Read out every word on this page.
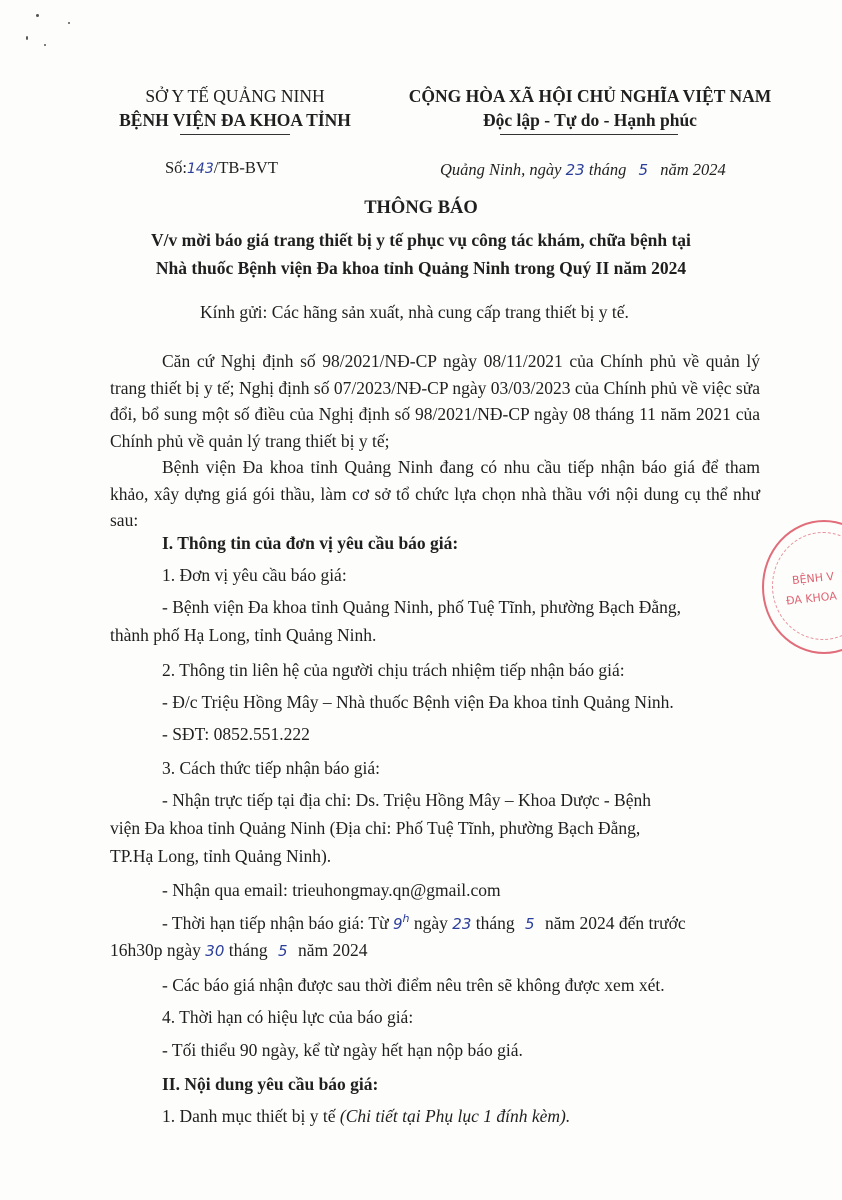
SỞ Y TẾ QUẢNG NINH
BỆNH VIỆN ĐA KHOA TỈNH
CỘNG HÒA XÃ HỘI CHỦ NGHĨA VIỆT NAM
Độc lập - Tự do - Hạnh phúc
Số:143/TB-BVT	Quảng Ninh, ngày 23 tháng 5 năm 2024
THÔNG BÁO
V/v mời báo giá trang thiết bị y tế phục vụ công tác khám, chữa bệnh tại
Nhà thuốc Bệnh viện Đa khoa tỉnh Quảng Ninh trong Quý II năm 2024
Kính gửi: Các hãng sản xuất, nhà cung cấp trang thiết bị y tế.
Căn cứ Nghị định số 98/2021/NĐ-CP ngày 08/11/2021 của Chính phủ về quản lý trang thiết bị y tế; Nghị định số 07/2023/NĐ-CP ngày 03/03/2023 của Chính phủ về việc sửa đổi, bổ sung một số điều của Nghị định số 98/2021/NĐ-CP ngày 08 tháng 11 năm 2021 của Chính phủ về quản lý trang thiết bị y tế;
Bệnh viện Đa khoa tỉnh Quảng Ninh đang có nhu cầu tiếp nhận báo giá để tham khảo, xây dựng giá gói thầu, làm cơ sở tổ chức lựa chọn nhà thầu với nội dung cụ thể như sau:
I. Thông tin của đơn vị yêu cầu báo giá:
1. Đơn vị yêu cầu báo giá:
- Bệnh viện Đa khoa tỉnh Quảng Ninh, phố Tuệ Tĩnh, phường Bạch Đằng,
thành phố Hạ Long, tỉnh Quảng Ninh.
2. Thông tin liên hệ của người chịu trách nhiệm tiếp nhận báo giá:
- Đ/c Triệu Hồng Mây – Nhà thuốc Bệnh viện Đa khoa tỉnh Quảng Ninh.
- SĐT: 0852.551.222
3. Cách thức tiếp nhận báo giá:
- Nhận trực tiếp tại địa chỉ: Ds. Triệu Hồng Mây – Khoa Dược - Bệnh
viện Đa khoa tỉnh Quảng Ninh (Địa chỉ: Phố Tuệ Tĩnh, phường Bạch Đằng,
TP.Hạ Long, tỉnh Quảng Ninh).
- Nhận qua email: trieuhongmay.qn@gmail.com
- Thời hạn tiếp nhận báo giá: Từ 9$^h$ ngày 23 tháng 5 năm 2024 đến trước
16h30p ngày 30 tháng 5 năm 2024
- Các báo giá nhận được sau thời điểm nêu trên sẽ không được xem xét.
4. Thời hạn có hiệu lực của báo giá:
- Tối thiểu 90 ngày, kể từ ngày hết hạn nộp báo giá.
II. Nội dung yêu cầu báo giá:
1. Danh mục thiết bị y tế (Chi tiết tại Phụ lục 1 đính kèm).
BỆNH V
ĐA KHOA
